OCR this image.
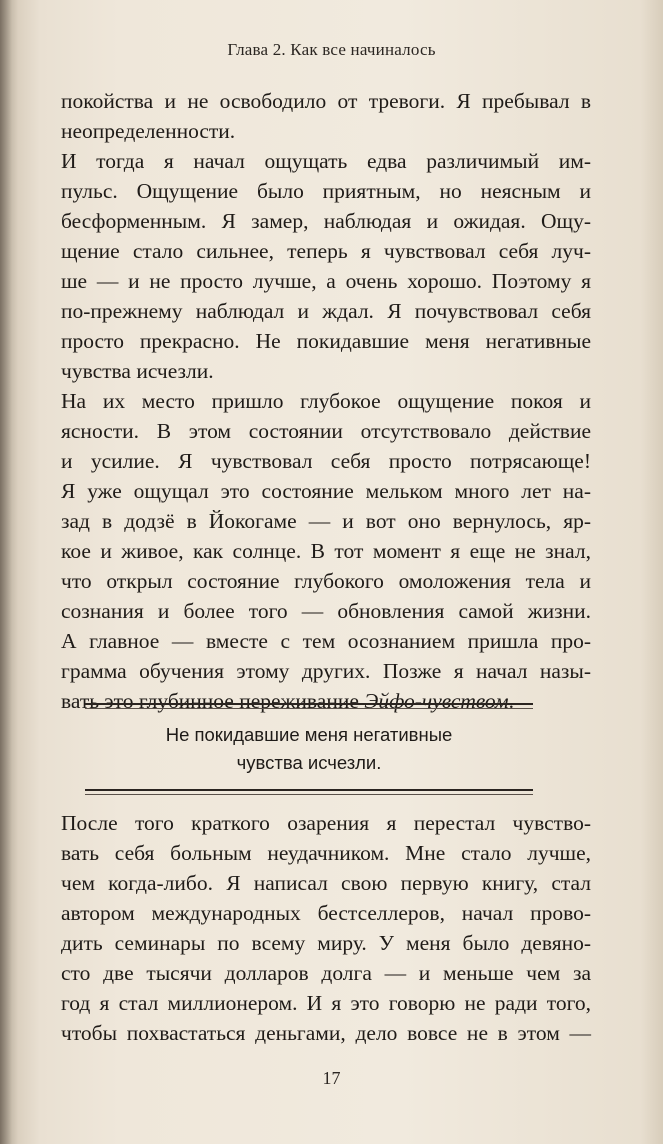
Глава 2. Как все начиналось
покойства и не освободило от тревоги. Я пребывал в
неопределенности.
И тогда я начал ощущать едва различимый им-
пульс. Ощущение было приятным, но неясным и
бесформенным. Я замер, наблюдая и ожидая. Ощу-
щение стало сильнее, теперь я чувствовал себя луч-
ше — и не просто лучше, а очень хорошо. Поэтому я
по-прежнему наблюдал и ждал. Я почувствовал себя
просто прекрасно. Не покидавшие меня негативные
чувства исчезли.
На их место пришло глубокое ощущение покоя и
ясности. В этом состоянии отсутствовало действие
и усилие. Я чувствовал себя просто потрясающе!
Я уже ощущал это состояние мельком много лет на-
зад в додзё в Йокогаме — и вот оно вернулось, яр-
кое и живое, как солнце. В тот момент я еще не знал,
что открыл состояние глубокого омоложения тела и
сознания и более того — обновления самой жизни.
А главное — вместе с тем осознанием пришла про-
грамма обучения этому других. Позже я начал назы-
вать это глубинное переживание Эйфо-чувством.
Не покидавшие меня негативные
чувства исчезли.
После того краткого озарения я перестал чувство-
вать себя больным неудачником. Мне стало лучше,
чем когда-либо. Я написал свою первую книгу, стал
автором международных бестселлеров, начал прово-
дить семинары по всему миру. У меня было девяно-
сто две тысячи долларов долга — и меньше чем за
год я стал миллионером. И я это говорю не ради того,
чтобы похвастаться деньгами, дело вовсе не в этом —
17
